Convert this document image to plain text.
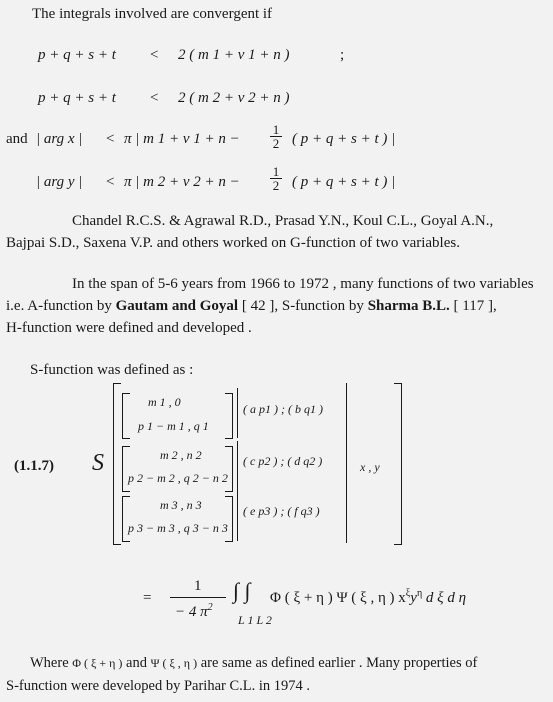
The integrals involved are convergent if
p + q + s + t < 2 ( m 1 + v 1 + n )	;
p + q + s + t < 2 ( m 2 + v 2 + n )
and | arg x | < π | m 1 + v $1 + n - \frac{1}{2}$ ( p + q + s + t ) |
| arg y | < π | m 2 + v $2 + n - \frac{1}{2}$ ( p + q + s + t ) |
Chandel R.C.S. & Agrawal R.D., Prasad Y.N., Koul C.L., Goyal A.N.,
Bajpai S.D., Saxena V.P. and others worked on G-function of two variables.
In the span of 5-6 years from 1966 to 1972 , many functions of two variables
i.e. A-function by Gautam and Goyal [ 42 ], S-function by Sharma B.L. [ 117 ],
H-function were defined and developed .
S-function was defined as :
(1.1.7) S	x , y
m 1 , 0
p 1 − m 1 , q 1
( a p1 ) ; ( b q1 )
m 2 , n 2
p 2 − m 2 , q 2 − n 2
( c p2 ) ; ( d q2 )
m 3 , n 3
p 3 − m 3 , q 3 − n 3
( e p3 ) ; ( f q3 )
=
1
− 4 $\pi^2$
∫ ∫
L 1 L 2
Φ ( ξ + η ) Ψ ( ξ , η ) $x^\xi y^\eta$ d ξ d η
Where Φ ( ξ + η ) and Ψ ( ξ , η ) are same as defined earlier . Many properties of
S-function were developed by Parihar C.L. in 1974 .
